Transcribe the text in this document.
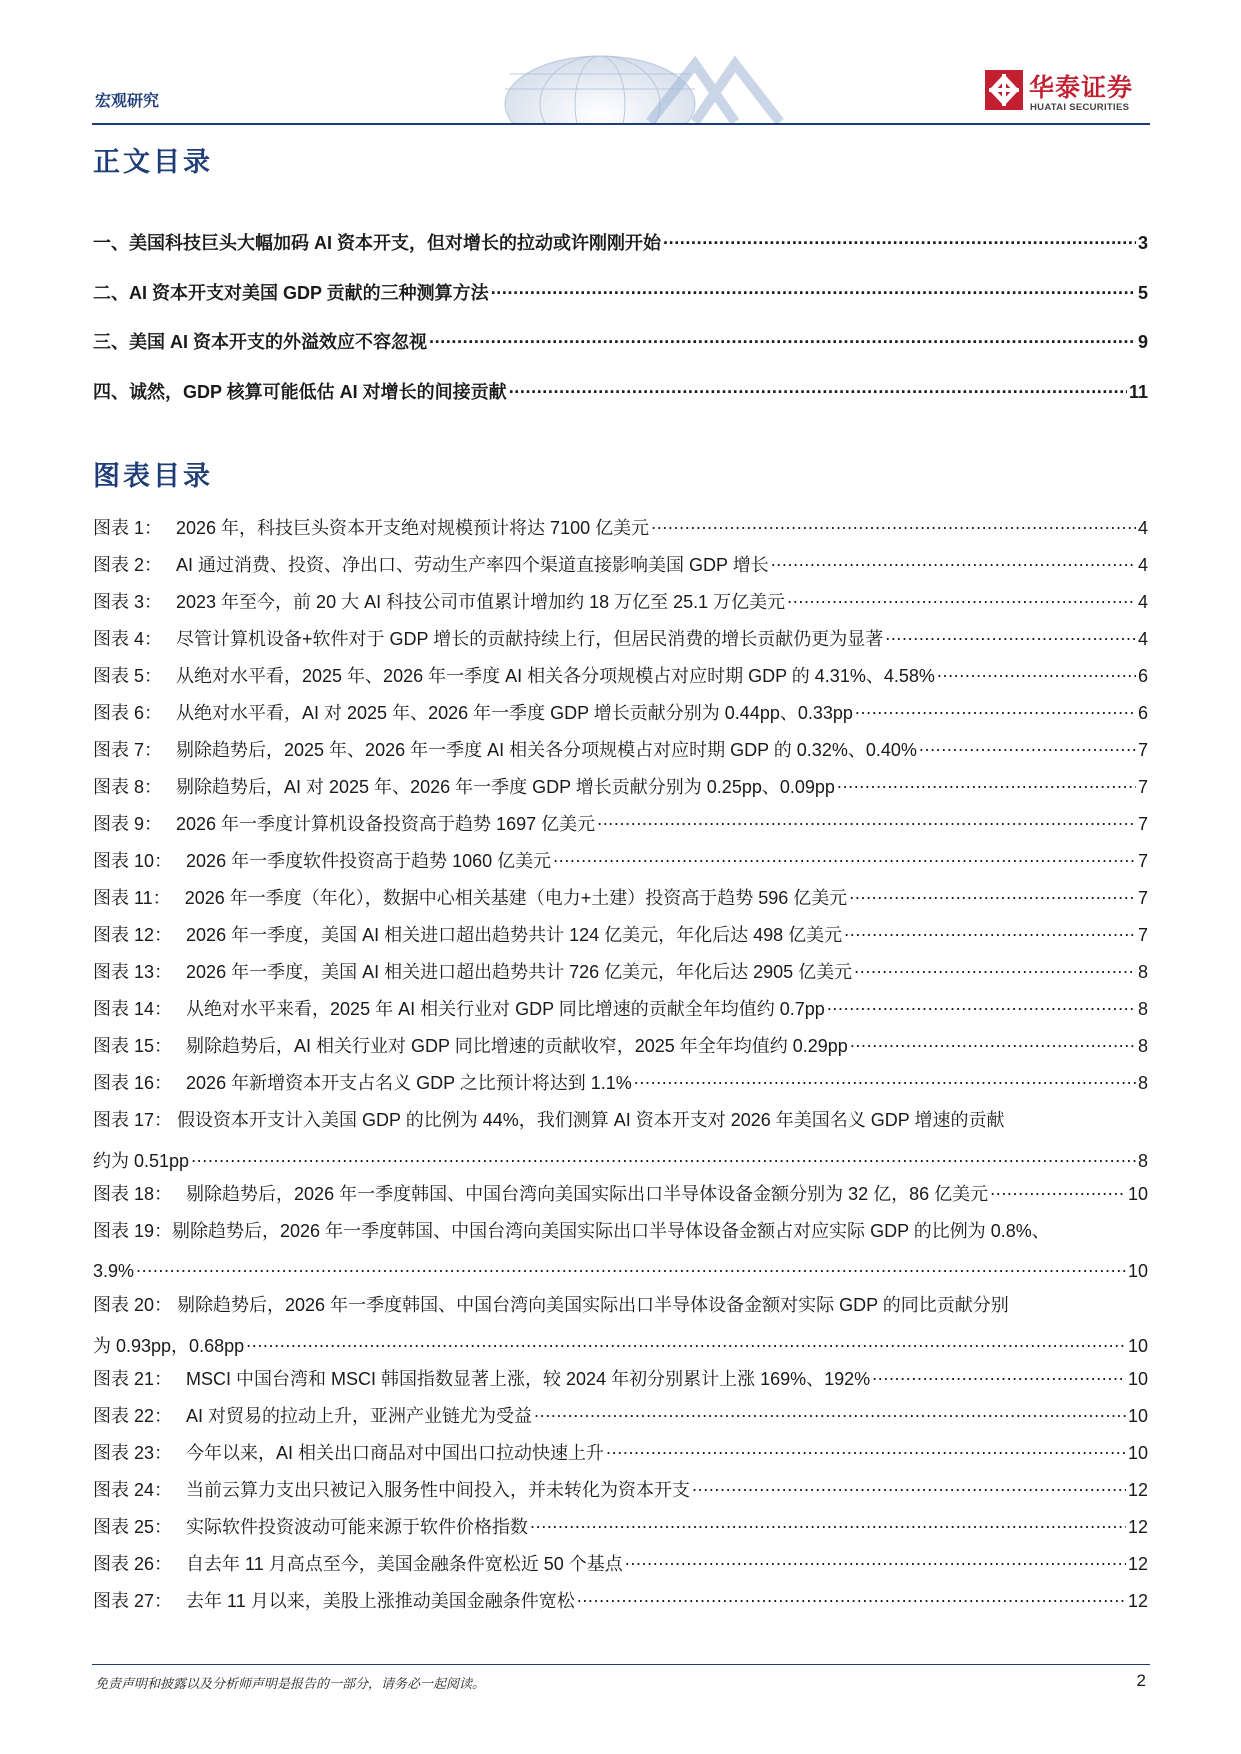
宏观研究	华泰证券
HUATAI SECURITIES
正文目录
一、美国科技巨头大幅加码 AI 资本开支，但对增长的拉动或许刚刚开始 .....	3
二、AI 资本开支对美国 GDP 贡献的三种测算方法 .....	5
三、美国 AI 资本开支的外溢效应不容忽视 .....	9
四、诚然，GDP 核算可能低估 AI 对增长的间接贡献 .....	11
图表目录
图表 1： 2026 年，科技巨头资本开支绝对规模预计将达 7100 亿美元 .....	4
图表 2： AI 通过消费、投资、净出口、劳动生产率四个渠道直接影响美国 GDP 增长 .....	4
图表 3： 2023 年至今，前 20 大 AI 科技公司市值累计增加约 18 万亿至 25.1 万亿美元 .....	4
图表 4： 尽管计算机设备+软件对于 GDP 增长的贡献持续上行，但居民消费的增长贡献仍更为显著 .....	4
图表 5： 从绝对水平看，2025 年、2026 年一季度 AI 相关各分项规模占对应时期 GDP 的 4.31%、4.58% .....	6
图表 6： 从绝对水平看，AI 对 2025 年、2026 年一季度 GDP 增长贡献分别为 0.44pp、0.33pp .....	6
图表 7： 剔除趋势后，2025 年、2026 年一季度 AI 相关各分项规模占对应时期 GDP 的 0.32%、0.40% .....	7
图表 8： 剔除趋势后，AI 对 2025 年、2026 年一季度 GDP 增长贡献分别为 0.25pp、0.09pp .....	7
图表 9： 2026 年一季度计算机设备投资高于趋势 1697 亿美元 .....	7
图表 10： 2026 年一季度软件投资高于趋势 1060 亿美元 .....	7
图表 11： 2026 年一季度（年化），数据中心相关基建（电力+土建）投资高于趋势 596 亿美元 .....	7
图表 12： 2026 年一季度，美国 AI 相关进口超出趋势共计 124 亿美元，年化后达 498 亿美元 .....	7
图表 13： 2026 年一季度，美国 AI 相关进口超出趋势共计 726 亿美元，年化后达 2905 亿美元 .....	8
图表 14： 从绝对水平来看，2025 年 AI 相关行业对 GDP 同比增速的贡献全年均值约 0.7pp .....	8
图表 15： 剔除趋势后，AI 相关行业对 GDP 同比增速的贡献收窄，2025 年全年均值约 0.29pp .....	8
图表 16： 2026 年新增资本开支占名义 GDP 之比预计将达到 1.1% .....	8
图表 17： 假设资本开支计入美国 GDP 的比例为 44%，我们测算 AI 资本开支对 2026 年美国名义 GDP 增速的贡献
约为 0.51pp .....	8
图表 18： 剔除趋势后，2026 年一季度韩国、中国台湾向美国实际出口半导体设备金额分别为 32 亿，86 亿美元 .....	10
图表 19：剔除趋势后，2026 年一季度韩国、中国台湾向美国实际出口半导体设备金额占对应实际 GDP 的比例为 0.8%、
3.9% .....	10
图表 20： 剔除趋势后，2026 年一季度韩国、中国台湾向美国实际出口半导体设备金额对实际 GDP 的同比贡献分别
为 0.93pp，0.68pp .....	10
图表 21： MSCI 中国台湾和 MSCI 韩国指数显著上涨，较 2024 年初分别累计上涨 169%、192% .....	10
图表 22： AI 对贸易的拉动上升，亚洲产业链尤为受益 .....	10
图表 23： 今年以来，AI 相关出口商品对中国出口拉动快速上升 .....	10
图表 24： 当前云算力支出只被记入服务性中间投入，并未转化为资本开支 .....	12
图表 25： 实际软件投资波动可能来源于软件价格指数 .....	12
图表 26： 自去年 11 月高点至今，美国金融条件宽松近 50 个基点 .....	12
图表 27： 去年 11 月以来，美股上涨推动美国金融条件宽松 .....	12
免责声明和披露以及分析师声明是报告的一部分，请务必一起阅读。	2
